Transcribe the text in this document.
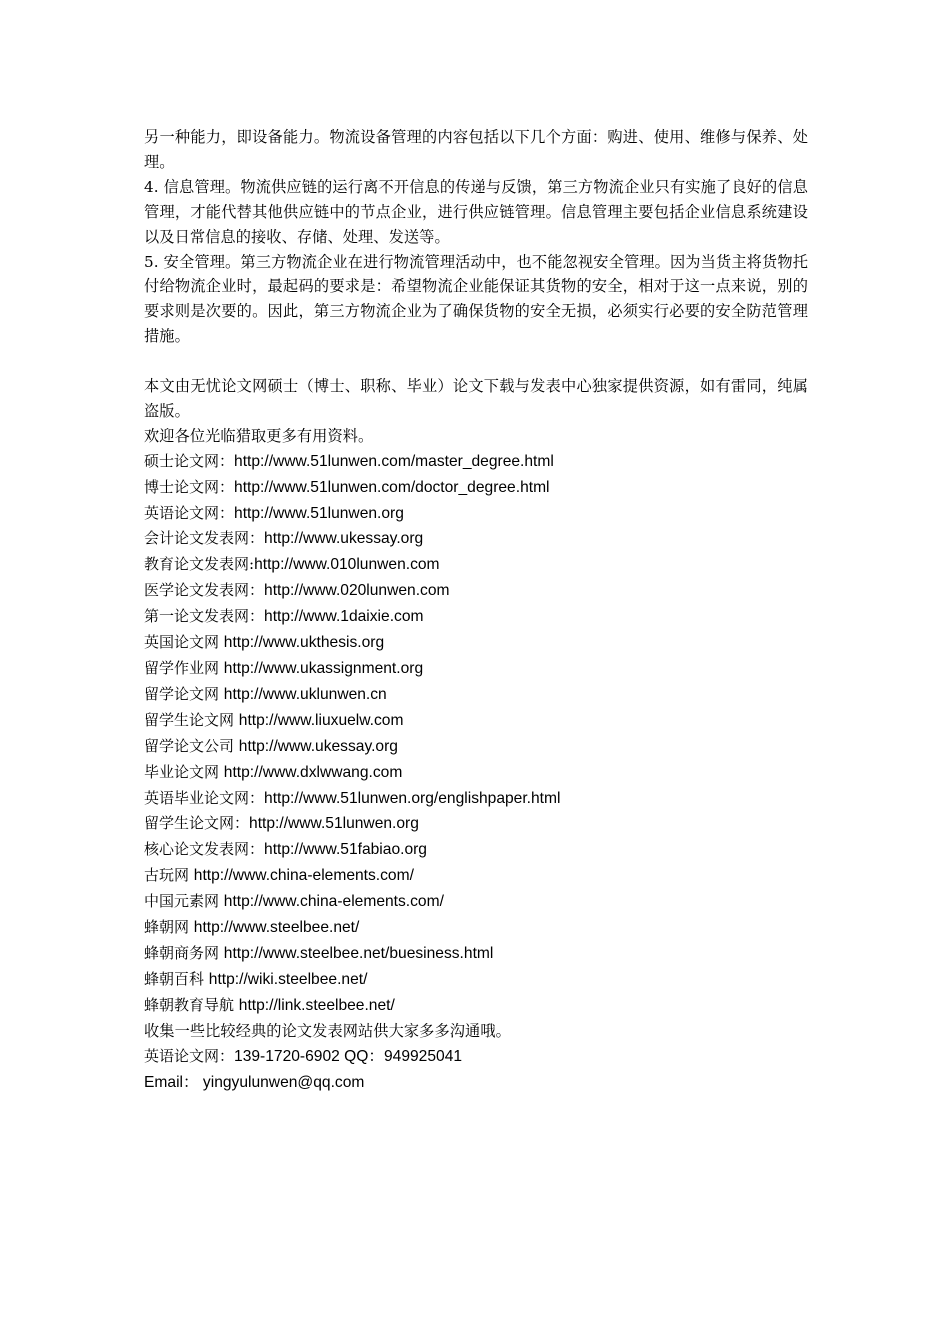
另一种能力，即设备能力。物流设备管理的内容包括以下几个方面：购进、使用、维修与保养、处理。

4. 信息管理。物流供应链的运行离不开信息的传递与反馈，第三方物流企业只有实施了良好的信息管理，才能代替其他供应链中的节点企业，进行供应链管理。信息管理主要包括企业信息系统建设以及日常信息的接收、存储、处理、发送等。

5. 安全管理。第三方物流企业在进行物流管理活动中，也不能忽视安全管理。因为当货主将货物托付给物流企业时，最起码的要求是：希望物流企业能保证其货物的安全，相对于这一点来说，别的要求则是次要的。因此，第三方物流企业为了确保货物的安全无损，必须实行必要的安全防范管理措施。

本文由无忧论文网硕士（博士、职称、毕业）论文下载与发表中心独家提供资源，如有雷同，纯属盗版。

欢迎各位光临猎取更多有用资料。

硕士论文网：http://www.51lunwen.com/master_degree.html

博士论文网：http://www.51lunwen.com/doctor_degree.html

英语论文网：http://www.51lunwen.org

会计论文发表网：http://www.ukessay.org

教育论文发表网:http://www.010lunwen.com

医学论文发表网：http://www.020lunwen.com

第一论文发表网：http://www.1daixie.com

英国论文网 http://www.ukthesis.org

留学作业网 http://www.ukassignment.org

留学论文网 http://www.uklunwen.cn

留学生论文网 http://www.liuxuelw.com

留学论文公司 http://www.ukessay.org

毕业论文网 http://www.dxlwwang.com

英语毕业论文网：http://www.51lunwen.org/englishpaper.html

留学生论文网：http://www.51lunwen.org

核心论文发表网：http://www.51fabiao.org

古玩网 http://www.china-elements.com/

中国元素网 http://www.china-elements.com/

蜂朝网 http://www.steelbee.net/

蜂朝商务网 http://www.steelbee.net/buesiness.html

蜂朝百科 http://wiki.steelbee.net/

蜂朝教育导航 http://link.steelbee.net/

收集一些比较经典的论文发表网站供大家多多沟通哦。

英语论文网：139-1720-6902 QQ：949925041

Email： yingyulunwen@qq.com
